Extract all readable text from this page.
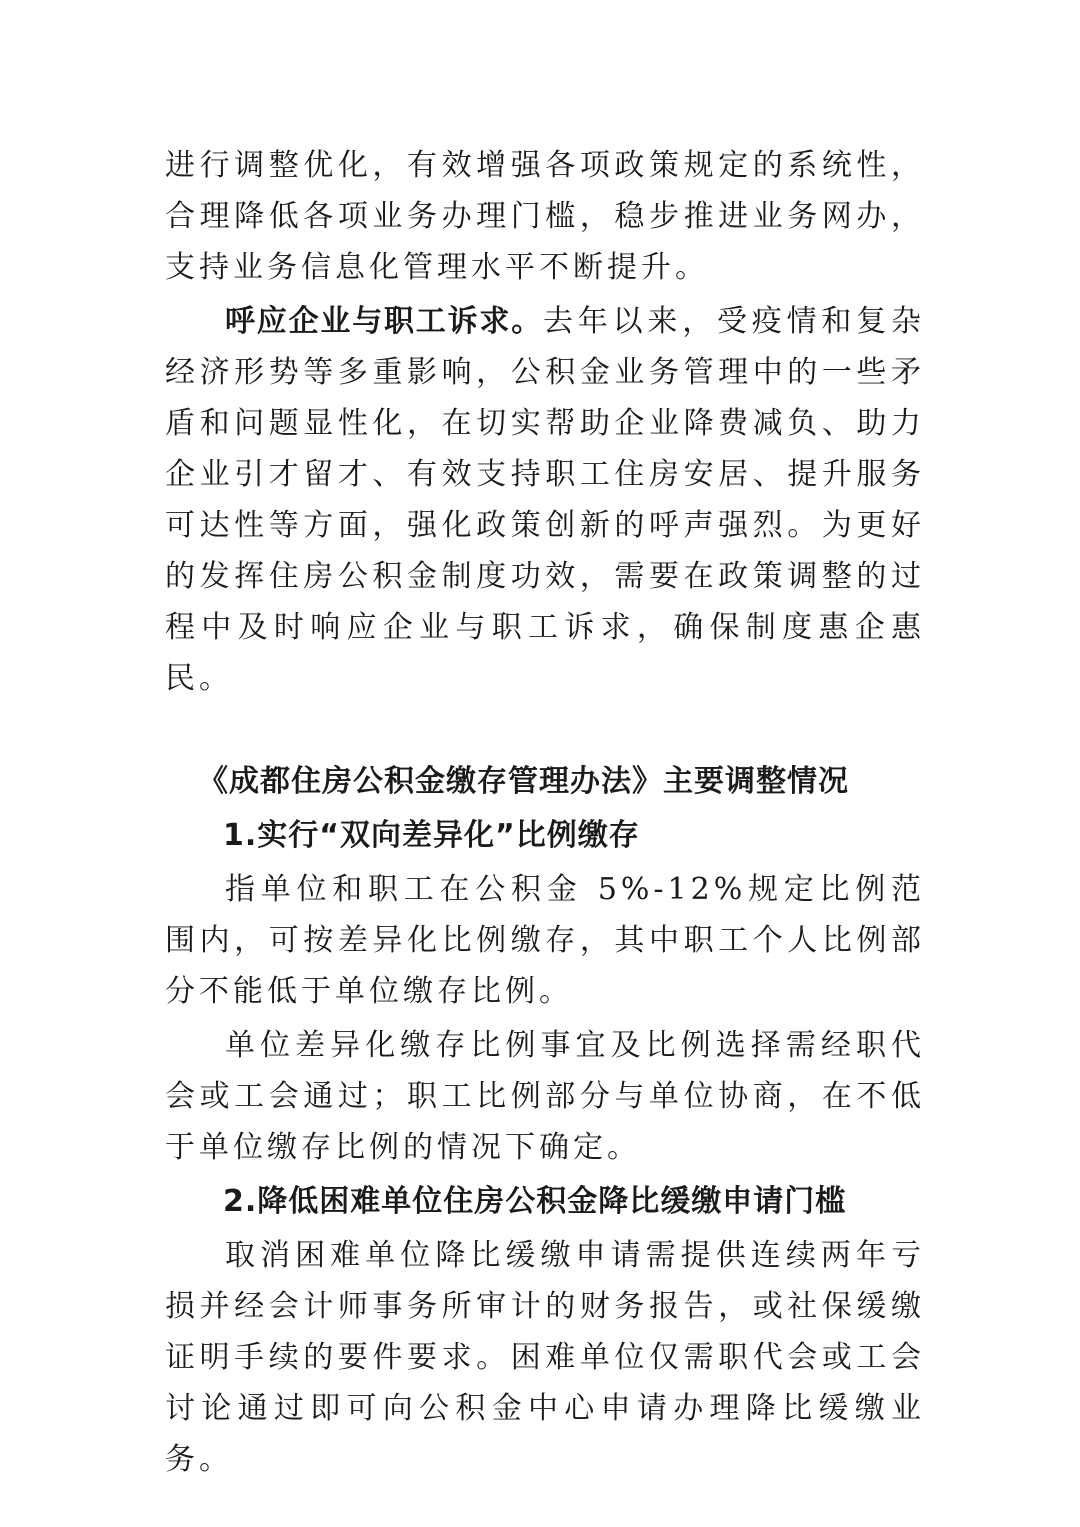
进行调整优化，有效增强各项政策规定的系统性，合理降低各项业务办理门槛，稳步推进业务网办，支持业务信息化管理水平不断提升。

呼应企业与职工诉求。去年以来，受疫情和复杂经济形势等多重影响，公积金业务管理中的一些矛盾和问题显性化，在切实帮助企业降费减负、助力企业引才留才、有效支持职工住房安居、提升服务可达性等方面，强化政策创新的呼声强烈。为更好的发挥住房公积金制度功效，需要在政策调整的过程中及时响应企业与职工诉求，确保制度惠企惠民。

《成都住房公积金缴存管理办法》主要调整情况
1.实行“双向差异化”比例缴存

指单位和职工在公积金 5%-12%规定比例范围内，可按差异化比例缴存，其中职工个人比例部分不能低于单位缴存比例。

单位差异化缴存比例事宜及比例选择需经职代会或工会通过；职工比例部分与单位协商，在不低于单位缴存比例的情况下确定。

2.降低困难单位住房公积金降比缓缴申请门槛

取消困难单位降比缓缴申请需提供连续两年亏损并经会计师事务所审计的财务报告，或社保缓缴证明手续的要件要求。困难单位仅需职代会或工会讨论通过即可向公积金中心申请办理降比缓缴业务。
